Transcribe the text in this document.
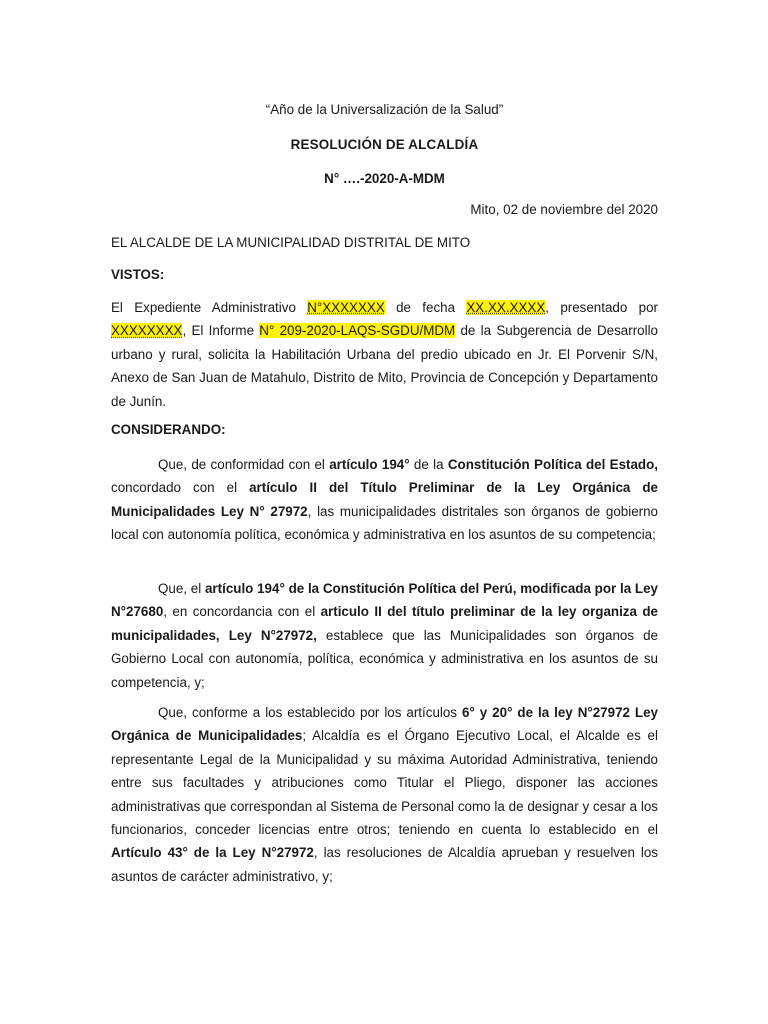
“Año de la Universalización de la Salud”
RESOLUCIÓN DE ALCALDÍA
N° ….-2020-A-MDM
Mito, 02 de noviembre del 2020
EL ALCALDE DE LA MUNICIPALIDAD DISTRITAL DE MITO
VISTOS:

El Expediente Administrativo N°XXXXXXX de fecha XX.XX.XXXX, presentado por XXXXXXXX, El Informe N° 209-2020-LAQS-SGDU/MDM de la Subgerencia de Desarrollo urbano y rural, solicita la Habilitación Urbana del predio ubicado en Jr. El Porvenir S/N, Anexo de San Juan de Matahulo, Distrito de Mito, Provincia de Concepción y Departamento de Junín.

CONSIDERANDO:

Que, de conformidad con el artículo 194° de la Constitución Política del Estado, concordado con el artículo II del Título Preliminar de la Ley Orgánica de Municipalidades Ley N° 27972, las municipalidades distritales son órganos de gobierno local con autonomía política, económica y administrativa en los asuntos de su competencia;

Que, el artículo 194° de la Constitución Política del Perú, modificada por la Ley N°27680, en concordancia con el articulo II del título preliminar de la ley organiza de municipalidades, Ley N°27972, establece que las Municipalidades son órganos de Gobierno Local con autonomía, política, económica y administrativa en los asuntos de su competencia, y;

Que, conforme a los establecido por los artículos 6° y 20° de la ley N°27972 Ley Orgánica de Municipalidades; Alcaldía es el Órgano Ejecutivo Local, el Alcalde es el representante Legal de la Municipalidad y su máxima Autoridad Administrativa, teniendo entre sus facultades y atribuciones como Titular el Pliego, disponer las acciones administrativas que correspondan al Sistema de Personal como la de designar y cesar a los funcionarios, conceder licencias entre otros; teniendo en cuenta lo establecido en el Artículo 43° de la Ley N°27972, las resoluciones de Alcaldía aprueban y resuelven los asuntos de carácter administrativo, y;
